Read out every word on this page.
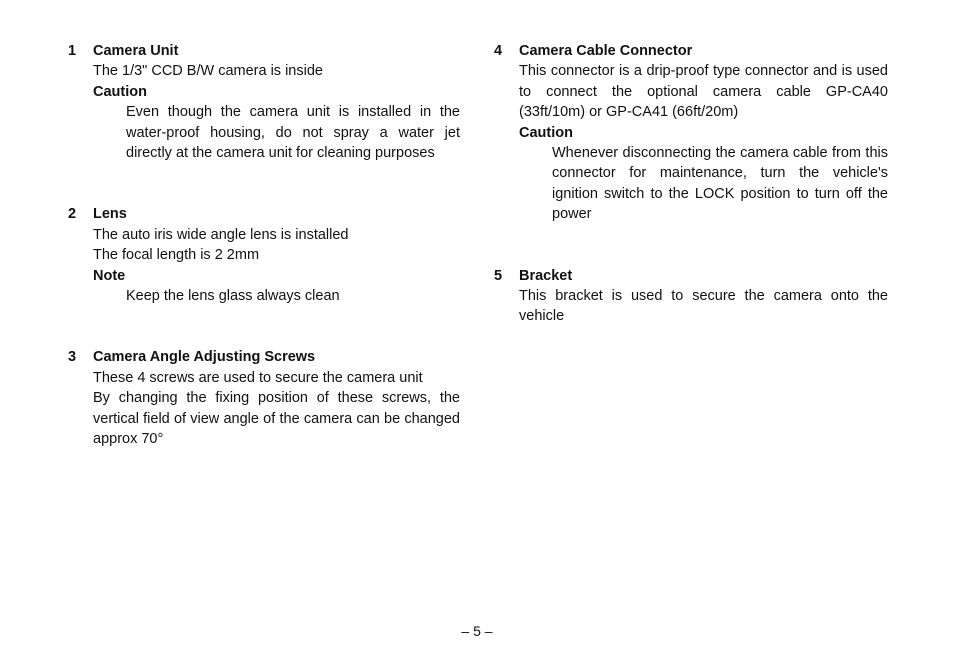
1 Camera Unit
The 1/3" CCD B/W camera is inside
Caution
Even though the camera unit is installed in the water-proof housing, do not spray a water jet directly at the camera unit for cleaning purposes
2 Lens
The auto iris wide angle lens is installed
The focal length is 2 2mm
Note
Keep the lens glass always clean
3 Camera Angle Adjusting Screws
These 4 screws are used to secure the camera unit
By changing the fixing position of these screws, the vertical field of view angle of the camera can be changed approx 70°
4 Camera Cable Connector
This connector is a drip-proof type connector and is used to connect the optional camera cable GP-CA40 (33ft/10m) or GP-CA41 (66ft/20m)
Caution
Whenever disconnecting the camera cable from this connector for maintenance, turn the vehicle's ignition switch to the LOCK position to turn off the power
5 Bracket
This bracket is used to secure the camera onto the vehicle
– 5 –
